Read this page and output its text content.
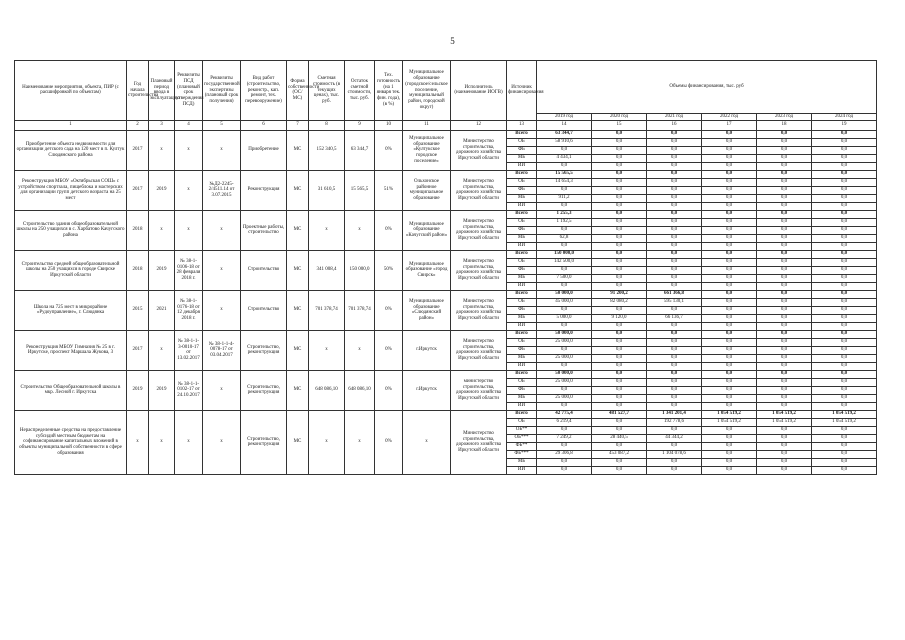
5
Наименование мероприятия, объекта, ПИР (с расшифровкой по объектам)	Год начала строительства	Плановый период ввода в эксплуатацию	Реквизиты ПСД (плановый срок утверждения ПСД)	Реквизиты государственной экспертизы (плановый срок получения)	Вид работ (строительство, реконстр., кап. ремонт, тех. перевооружение)	Форма собственности (ОС/МС)	Сметная стоимость (в текущих ценах), тыс. руб.	Остаток сметной стоимости, тыс. руб.	Тех. готовность (на 1 января тек. фин. года), (в %)	Муниципальное образование (городское/сельское поселение, муниципальный район, городской округ)	Исполнитель (наименование ИОГВ)	Источник финансирования	Объемы финансирования, тыс. руб					
													2019 год	2020 год	2021 год	2022 год	2023 год	2024 год
1	2	3	4	5	6	7	8	9	10	11	12	13	14	15	16	17	18	19
Приобретение объекта недвижимости для организации детского сада на 120 мест в п. Култук Слюдянского района	2017	х	х	х	Приобретение	МС	152 340,5	63 344,7	0%	Муниципальное образование «Култукское городское поселение»	Министерство строительства, дорожного хозяйства Иркутской области	Всего	63 344,7	0,0	0,0	0,0	0,0	0,0
												ОБ	58 910,6	0,0	0,0	0,0	0,0	0,0
												ФБ	0,0	0,0	0,0	0,0	0,0	0,0
												МБ	4 434,1	0,0	0,0	0,0	0,0	0,0
												ИИ	0,0	0,0	0,0	0,0	0,0	0,0
Реконструкция МБОУ «Октябрьская СОШ» с устройством спортзала, пищеблока и мастерских для организации групп детского возраста на 25 мест	2017	2019	х	№Д2-2245-2/4511.14 от 3.07.2015	Реконструкция	МС	31 610,5	15 565,5	51%	Ольхонское районное муниципальное образование	Министерство строительства, дорожного хозяйства Иркутской области	Всего	15 565,5	0,0	0,0	0,0	0,0	0,0
												ОБ	14 654,3	0,0	0,0	0,0	0,0	0,0
												ФБ	0,0	0,0	0,0	0,0	0,0	0,0
												МБ	911,2	0,0	0,0	0,0	0,0	0,0
												ИИ	0,0	0,0	0,0	0,0	0,0	0,0
Строительство здания общеобразовательной школы на 250 учащихся в с. Харбатово Качугского района	2018	х	х	х	Проектные работы, строительство	МС	х	х	0%	Муниципальное образование «Качугский район»	Министерство строительства, дорожного хозяйства Иркутской области	Всего	1 255,3	0,0	0,0	0,0	0,0	0,0
												ОБ	1 192,5	0,0	0,0	0,0	0,0	0,0
												ФБ	0,0	0,0	0,0	0,0	0,0	0,0
												МБ	62,8	0,0	0,0	0,0	0,0	0,0
												ИИ	0,0	0,0	0,0	0,0	0,0	0,0
Строительство средней общеобразовательной школы на 250 учащихся в городе Свирске Иркутской области	2018	2019	№ 38-1-0106-18 от 28 февраля 2018 г.	х	Строительство	МС	341 008,4	150 000,0	50%	Муниципальное образование «город Свирск»	Министерство строительства, дорожного хозяйства Иркутской области	Всего	150 000,0	0,0	0,0	0,0	0,0	0,0
												ОБ	142 500,0	0,0	0,0	0,0	0,0	0,0
												ФБ	0,0	0,0	0,0	0,0	0,0	0,0
												МБ	7 500,0	0,0	0,0	0,0	0,0	0,0
												ИИ	0,0	0,0	0,0	0,0	0,0	0,0
Школа на 725 мест в микрорайоне «Рудоуправление», г. Слюдянка	2015	2021	№ 38-1-0176-18 от 12 декабря 2018 г.	х	Строительство	МС	701 378,74	701 378,74	0%	Муниципальное образование «Слюдянский район»	Министерство строительства, дорожного хозяйства Иркутской области	Всего	50 000,0	91 200,2	661 366,8	0,0	0,0	0,0
												ОБ	45 000,0	82 080,2	595 130,1	0,0	0,0	0,0
												ФБ	0,0	0,0	0,0	0,0	0,0	0,0
												МБ	5 000,0	9 120,0	66 136,7	0,0	0,0	0,0
												ИИ	0,0	0,0	0,0	0,0	0,0	0,0
Реконструкция МБОУ Гимназия № 25 в г. Иркутске, проспект Маршала Жукова, 3	2017	х	№ 38-1-1-3-0010-17 от 13.02.2017	№ 38-1-1-4-0078-17 от 03.04.2017	Строительство, реконструкция	МС	х	х	0%	г.Иркутск	Министерство строительства, дорожного хозяйства Иркутской области	Всего	50 000,0	0,0	0,0	0,0	0,0	0,0
												ОБ	25 000,0	0,0	0,0	0,0	0,0	0,0
												ФБ	0,0	0,0	0,0	0,0	0,0	0,0
												МБ	25 000,0	0,0	0,0	0,0	0,0	0,0
												ИИ	0,0	0,0	0,0	0,0	0,0	0,0
Строительство Общеобразовательной школы в мкр. Лесной г. Иркутска	2019	2019	№ 38-1-1-0102-17 от 24.10.2017	х	Строительство, реконструкция	МС	648 086,10	648 086,10	0%	г.Иркутск	министерство строительства, дорожного хозяйства Иркутской области	Всего	50 000,0	0,0	0,0	0,0	0,0	0,0
												ОБ	25 000,0	0,0	0,0	0,0	0,0	0,0
												ФБ	0,0	0,0	0,0	0,0	0,0	0,0
												МБ	25 000,0	0,0	0,0	0,0	0,0	0,0
												ИИ	0,0	0,0	0,0	0,0	0,0	0,0
Нераспределенные средства на предоставление субсидий местным бюджетам на софинансирование капитальных вложений в объекты муниципальной собственности в сфере образования	х	х	х	х	Строительство, реконструкция	МС	х	х	0%	х	Министерство строительства, дорожного хозяйства Иркутской области	Всего	42 775,4	481 527,7	1 341 201,4	1 054 519,2	1 054 519,2	1 054 519,2
												ОБ	6 219,4	0,0	192 778,6	1 054 519,2	1 054 519,2	1 054 519,2
												ОБ**	0,0	0,0	0,0	0,0	0,0	0,0
												ОБ***	7 249,2	28 440,5	44 344,2	0,0	0,0	0,0
												ФБ**	0,0	0,0	0,0	0,0	0,0	0,0
												ФБ***	29 306,8	453 087,2	1 104 078,6	0,0	0,0	0,0
												МБ	0,0	0,0	0,0	0,0	0,0	0,0
												ИИ	0,0	0,0	0,0	0,0	0,0	0,0
